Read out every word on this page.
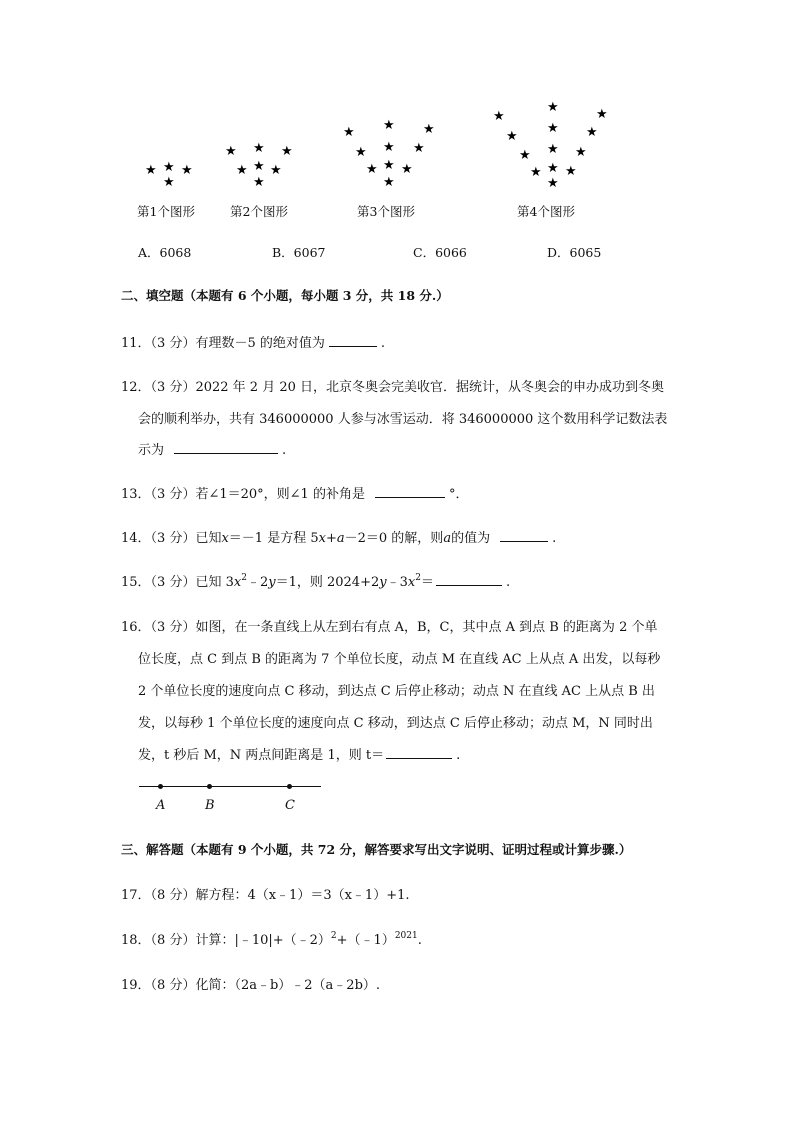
★ ★ ★
★
★ ★ ★
★ ★ ★
★
★ ★ ★
★ ★ ★
★ ★ ★
★
★
★	★
★
★ ★
★ ★ ★
★ ★ ★
★
第1个图形	第2个图形	第3个图形	第4个图形
A．6068	B．6067	C．6066	D．6065
二、填空题（本题有 6 个小题，每小题 3 分，共 18 分.）
11．（3 分）有理数－5 的绝对值为	.
12．（3 分）2022 年 2 月 20 日，北京冬奥会完美收官．据统计，从冬奥会的申办成功到冬奥
会的顺利举办，共有 346000000 人参与冰雪运动．将 346000000 这个数用科学记数法表
示为	.
13．（3 分）若∠1＝20°，则∠1 的补角是	°．
14．（3 分）已知x＝－1 是方程 5x+a－2＝0 的解，则a的值为	.
15．（3 分）已知 $3x^2﹣2y=1$，则 $2024+2y﹣3x^2=$	.
16．（3 分）如图，在一条直线上从左到右有点 A，B，C，其中点 A 到点 B 的距离为 2 个单
位长度，点 C 到点 B 的距离为 7 个单位长度，动点 M 在直线 AC 上从点 A 出发，以每秒
2 个单位长度的速度向点 C 移动，到达点 C 后停止移动；动点 N 在直线 AC 上从点 B 出
发，以每秒 1 个单位长度的速度向点 C 移动，到达点 C 后停止移动；动点 M，N 同时出
发，t 秒后 M，N 两点间距离是 1，则 t＝	.
A	B	C
三、解答题（本题有 9 个小题，共 72 分，解答要求写出文字说明、证明过程或计算步骤.）
17．（8 分）解方程：4（x﹣1）＝3（x﹣1）+1.
18．（8 分）计算：|﹣10|+（﹣2）$^2$+（﹣1）$^{2021}$.
19．（8 分）化简：（2a﹣b）﹣2（a﹣2b）.
